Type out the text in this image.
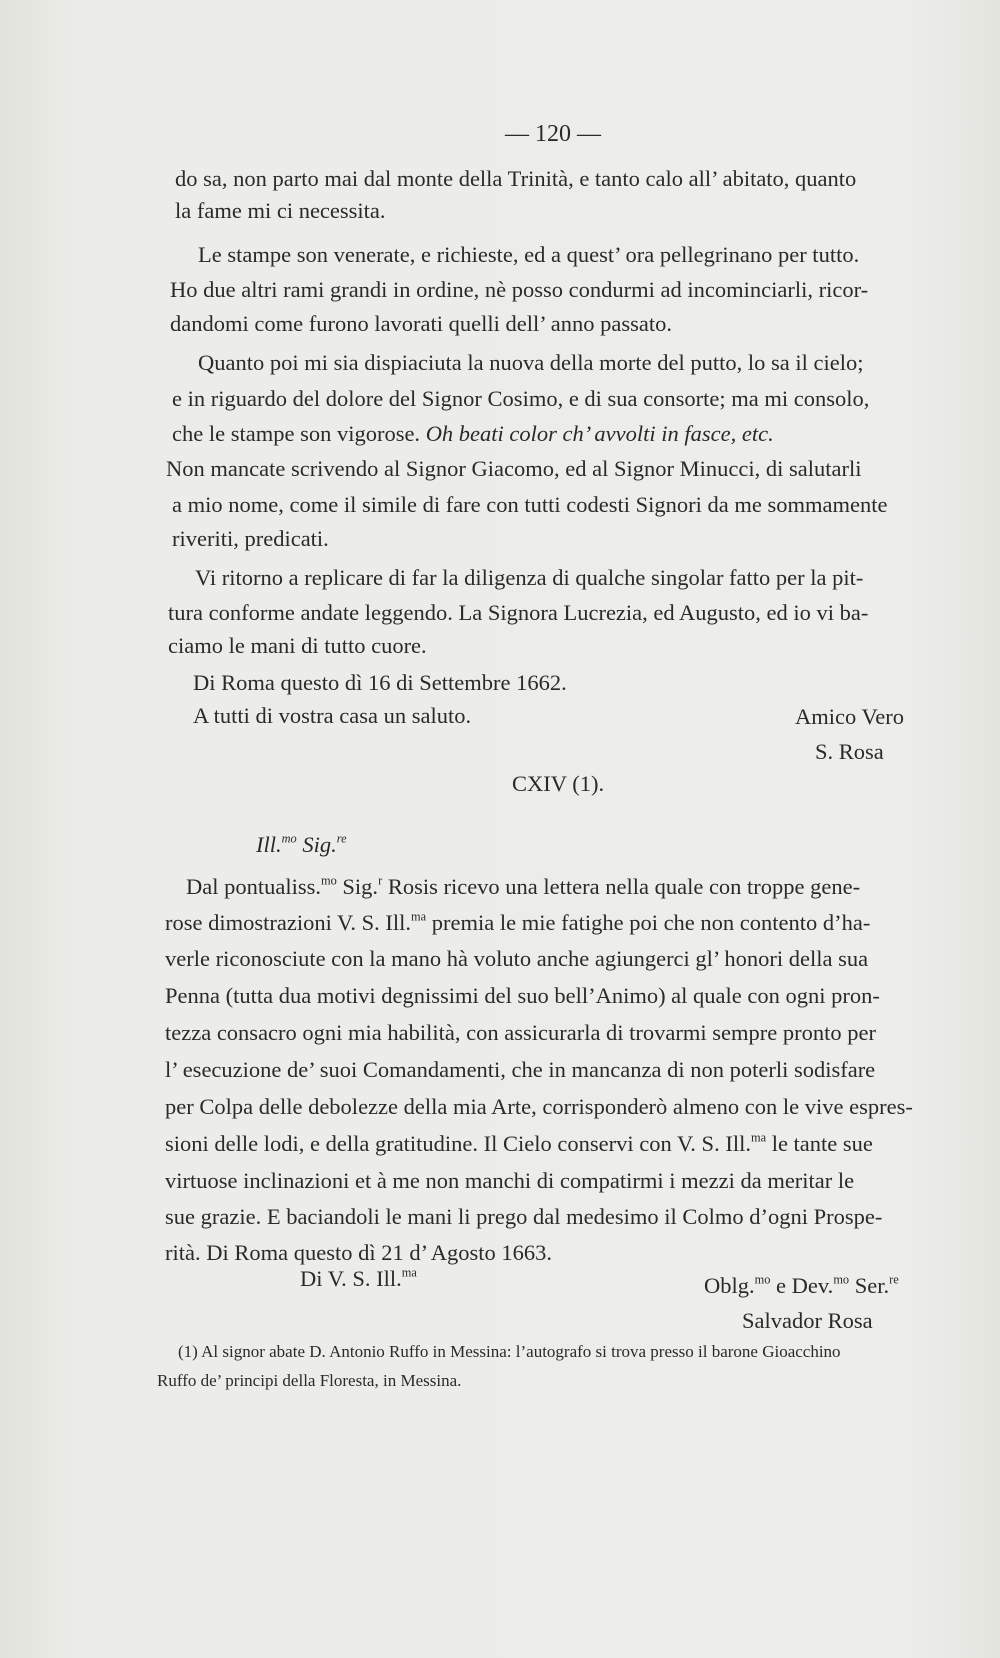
— 120 —
do sa, non parto mai dal monte della Trinità, e tanto calo all’ abitato, quanto
la fame mi ci necessita.
Le stampe son venerate, e richieste, ed a quest’ ora pellegrinano per tutto.
Ho due altri rami grandi in ordine, nè posso condurmi ad incominciarli, ricor-
dandomi come furono lavorati quelli dell’ anno passato.
Quanto poi mi sia dispiaciuta la nuova della morte del putto, lo sa il cielo;
e in riguardo del dolore del Signor Cosimo, e di sua consorte; ma mi consolo,
che le stampe son vigorose. Oh beati color ch’ avvolti in fasce, etc.
Non mancate scrivendo al Signor Giacomo, ed al Signor Minucci, di salutarli
a mio nome, come il simile di fare con tutti codesti Signori da me sommamente
riveriti, predicati.
Vi ritorno a replicare di far la diligenza di qualche singolar fatto per la pit-
tura conforme andate leggendo. La Signora Lucrezia, ed Augusto, ed io vi ba-
ciamo le mani di tutto cuore.
Di Roma questo dì 16 di Settembre 1662.
A tutti di vostra casa un saluto.	Amico Vero
S. Rosa
CXIV (1).
Ill.$^{mo}$ Sig.$^{re}$
Dal pontualiss.$^{mo}$ Sig.$^r$ Rosis ricevo una lettera nella quale con troppe gene-
rose dimostrazioni V. S. Ill.$^{ma}$ premia le mie fatighe poi che non contento d’ha-
verle riconosciute con la mano hà voluto anche agiungerci gl’ honori della sua
Penna (tutta dua motivi degnissimi del suo bell’Animo) al quale con ogni pron-
tezza consacro ogni mia habilità, con assicurarla di trovarmi sempre pronto per
l’ esecuzione de’ suoi Comandamenti, che in mancanza di non poterli sodisfare
per Colpa delle debolezze della mia Arte, corrisponderò almeno con le vive espres-
sioni delle lodi, e della gratitudine. Il Cielo conservi con V. S. Ill.$^{ma}$ le tante sue
virtuose inclinazioni et à me non manchi di compatirmi i mezzi da meritar le
sue grazie. E baciandoli le mani li prego dal medesimo il Colmo d’ogni Prospe-
rità. Di Roma questo dì 21 d’ Agosto 1663.
Di V. S. Ill.$^{ma}$
Oblg.$^{mo}$ e Dev.$^{mo}$ Ser.$^{re}$
Salvador Rosa
(1) Al signor abate D. Antonio Ruffo in Messina: l’autografo si trova presso il barone Gioacchino
Ruffo de’ principi della Floresta, in Messina.
